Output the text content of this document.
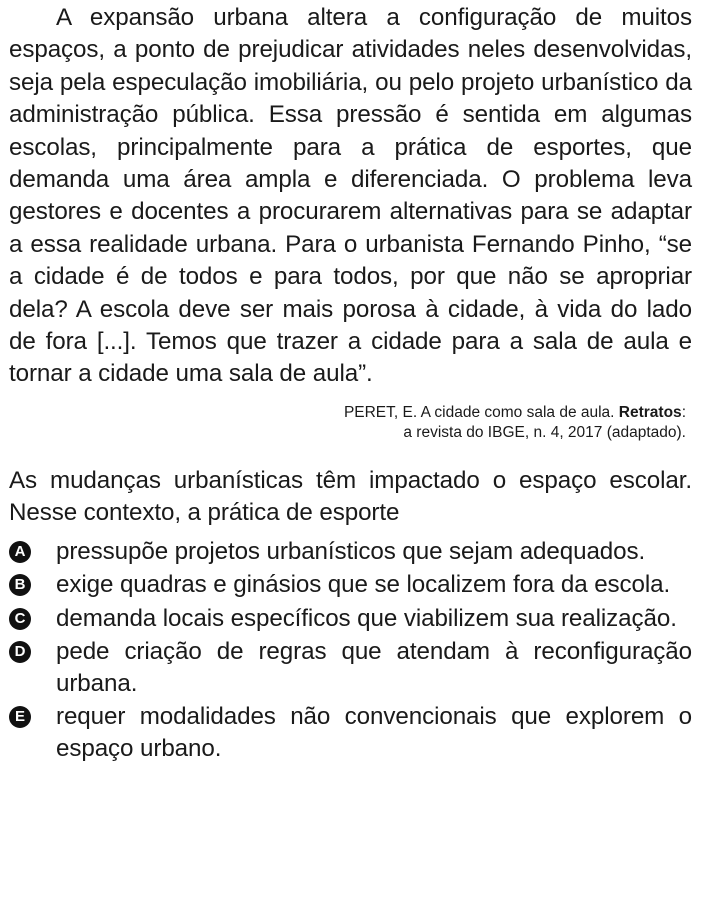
A expansão urbana altera a configuração de muitos espaços, a ponto de prejudicar atividades neles desenvolvidas, seja pela especulação imobiliária, ou pelo projeto urbanístico da administração pública. Essa pressão é sentida em algumas escolas, principalmente para a prática de esportes, que demanda uma área ampla e diferenciada. O problema leva gestores e docentes a procurarem alternativas para se adaptar a essa realidade urbana. Para o urbanista Fernando Pinho, “se a cidade é de todos e para todos, por que não se apropriar dela? A escola deve ser mais porosa à cidade, à vida do lado de fora [...]. Temos que trazer a cidade para a sala de aula e tornar a cidade uma sala de aula”.

PERET, E. A cidade como sala de aula. Retratos:
a revista do IBGE, n. 4, 2017 (adaptado).

As mudanças urbanísticas têm impactado o espaço escolar. Nesse contexto, a prática de esporte

A pressupõe projetos urbanísticos que sejam adequados.
B exige quadras e ginásios que se localizem fora da escola.
C demanda locais específicos que viabilizem sua realização.
D pede criação de regras que atendam à reconfiguração urbana.
E requer modalidades não convencionais que explorem o espaço urbano.
